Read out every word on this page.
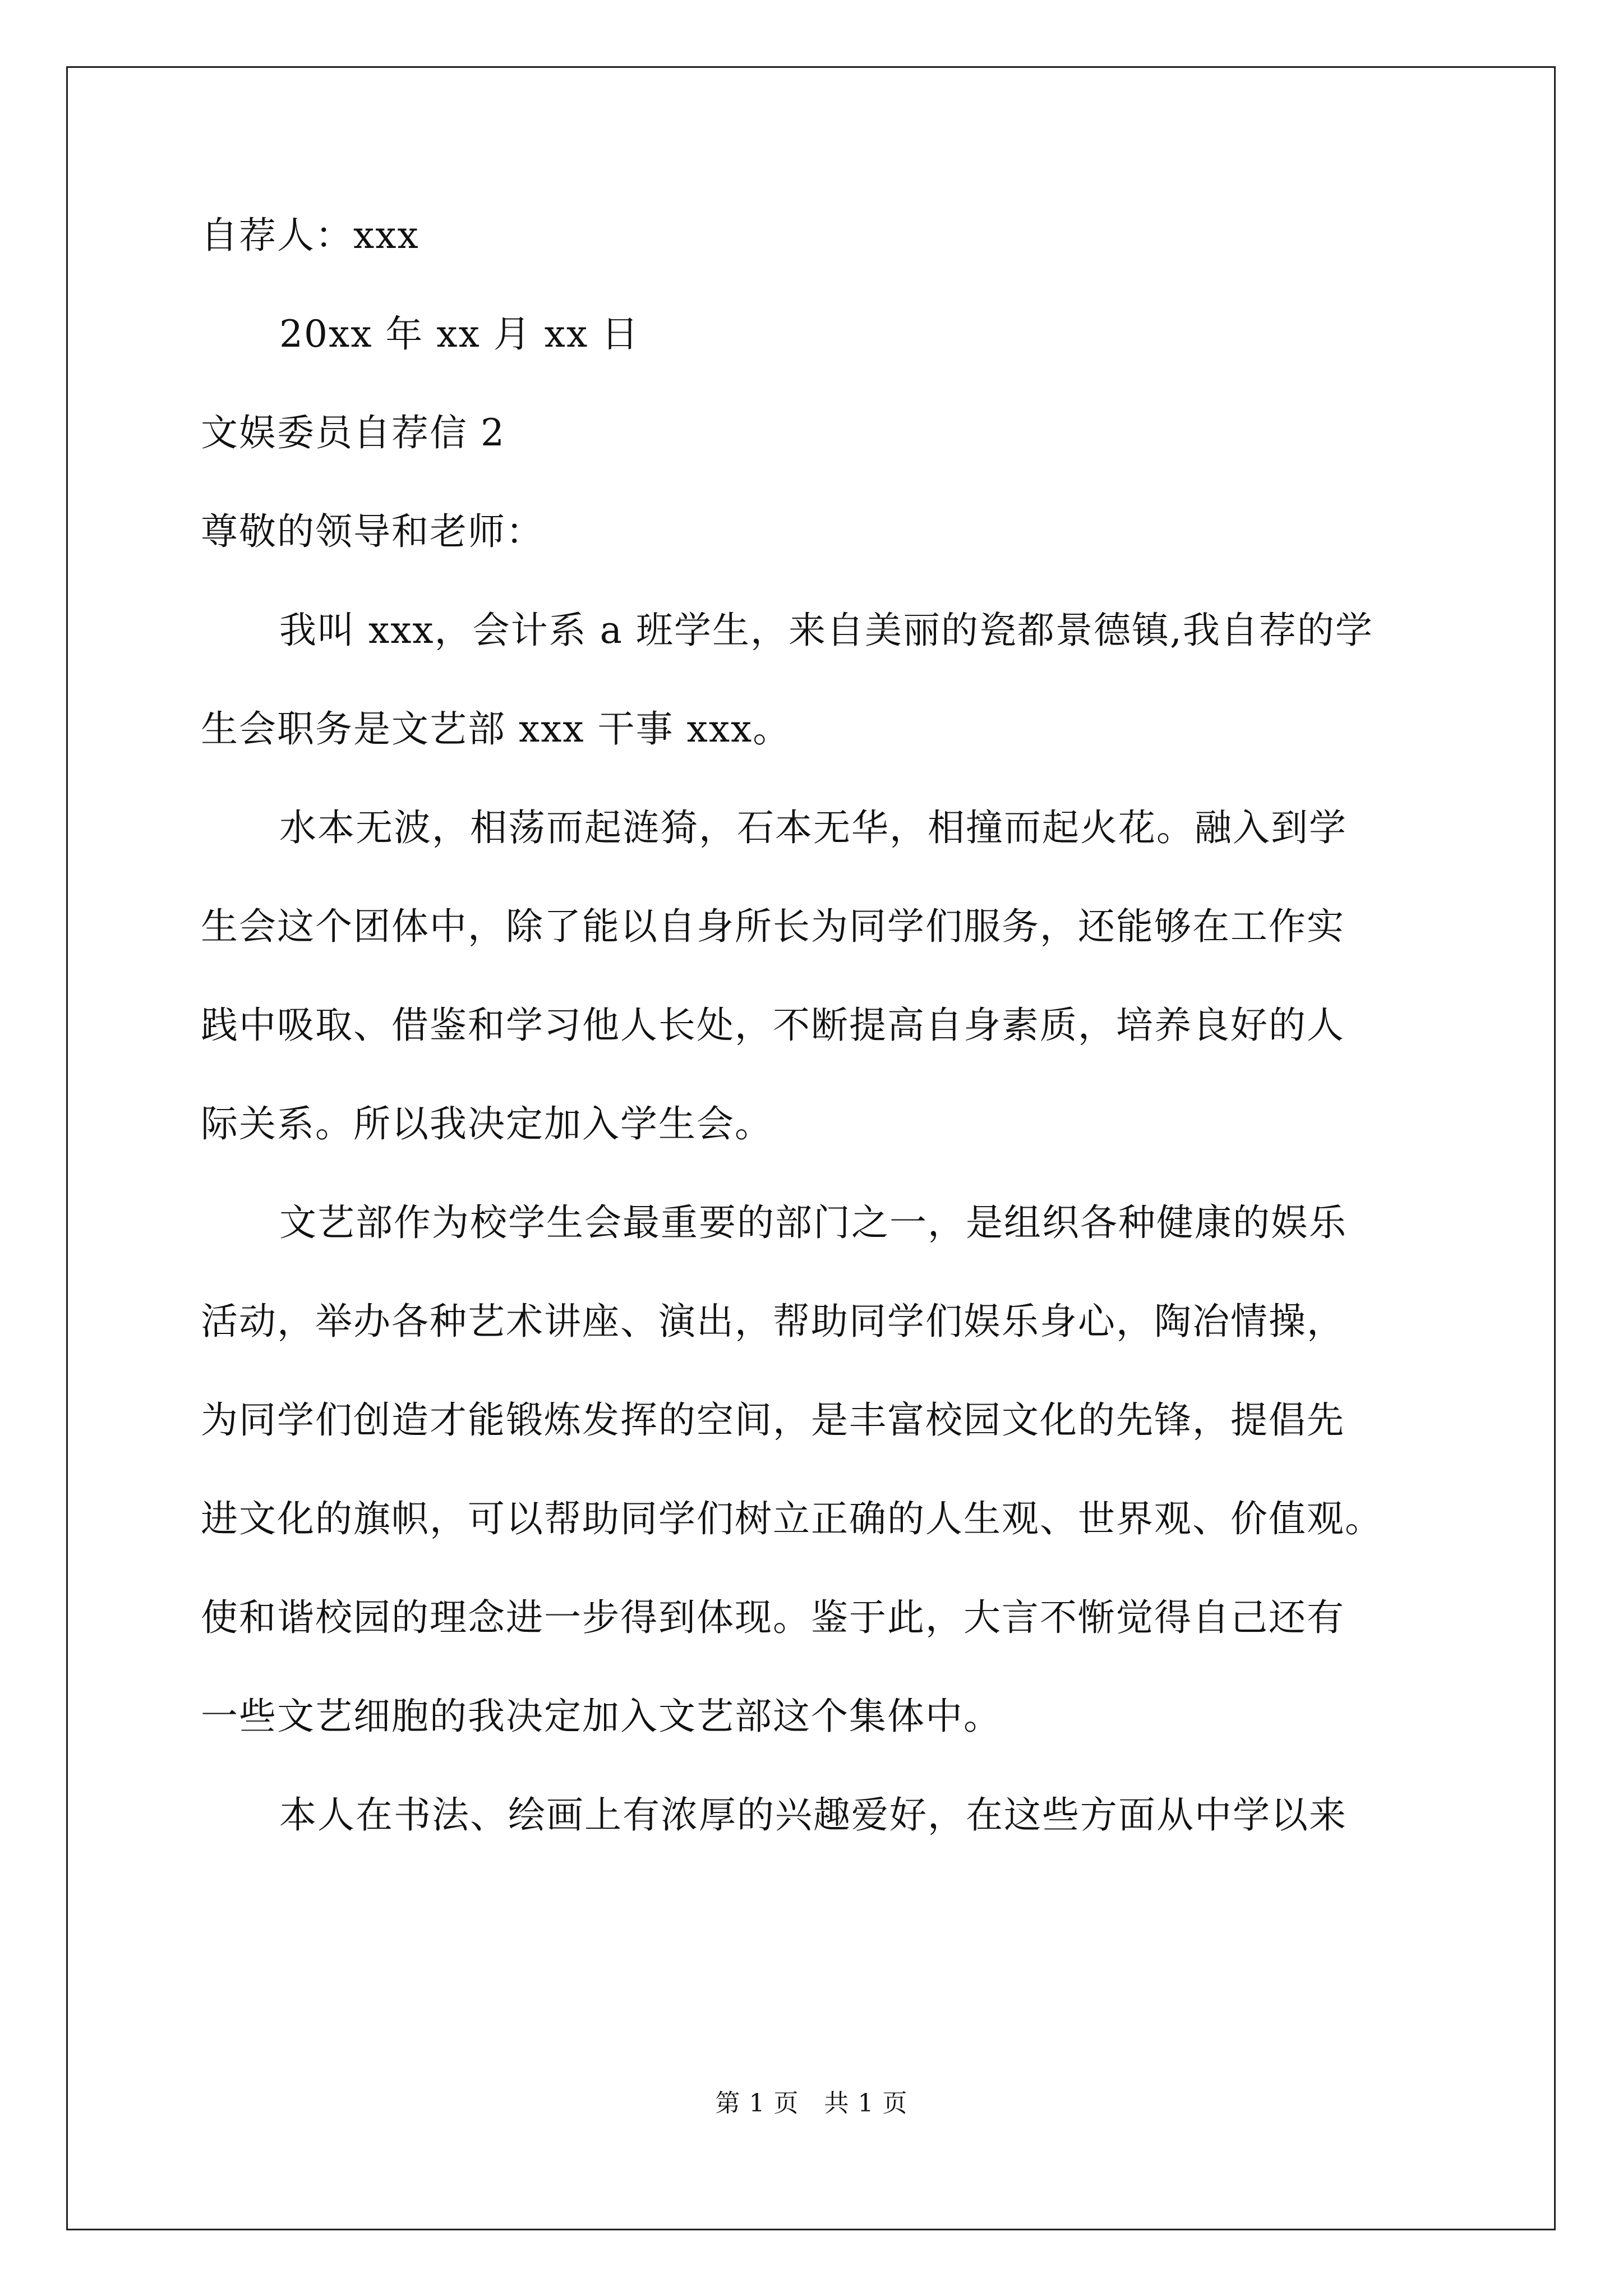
自荐人：xxx
20xx 年 xx 月 xx 日
文娱委员自荐信 2
尊敬的领导和老师：
我叫 xxx，会计系 a 班学生，来自美丽的瓷都景德镇,我自荐的学
生会职务是文艺部 xxx 干事 xxx。
水本无波，相荡而起涟猗，石本无华，相撞而起火花。融入到学
生会这个团体中，除了能以自身所长为同学们服务，还能够在工作实
践中吸取、借鉴和学习他人长处，不断提高自身素质，培养良好的人
际关系。所以我决定加入学生会。
文艺部作为校学生会最重要的部门之一，是组织各种健康的娱乐
活动，举办各种艺术讲座、演出，帮助同学们娱乐身心，陶冶情操，
为同学们创造才能锻炼发挥的空间，是丰富校园文化的先锋，提倡先
进文化的旗帜，可以帮助同学们树立正确的人生观、世界观、价值观。
使和谐校园的理念进一步得到体现。鉴于此，大言不惭觉得自己还有
一些文艺细胞的我决定加入文艺部这个集体中。
本人在书法、绘画上有浓厚的兴趣爱好，在这些方面从中学以来
第 1 页　共 1 页
